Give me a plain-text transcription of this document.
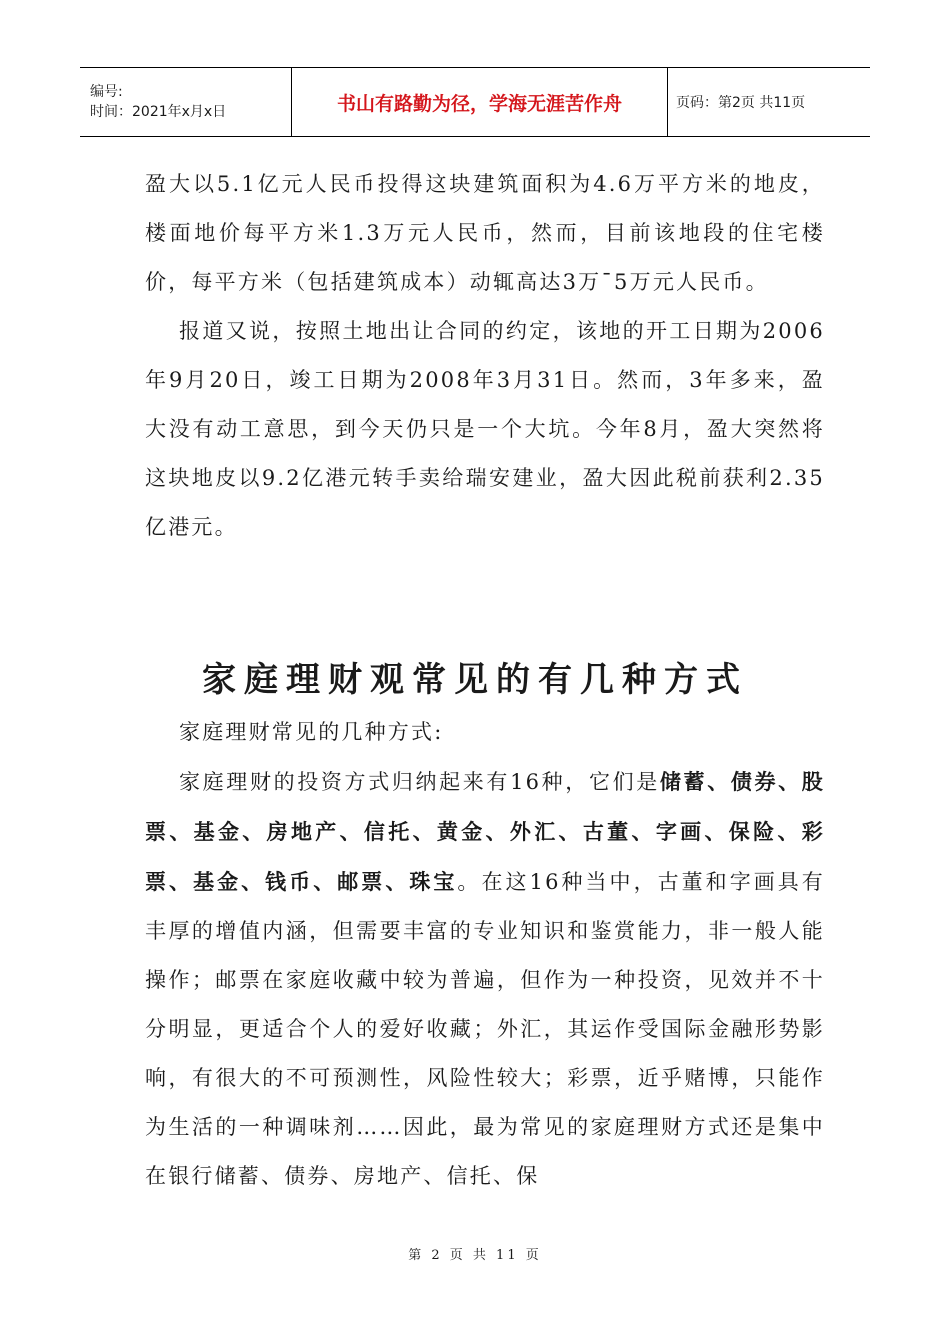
编号:
时间：2021年x月x日	书山有路勤为径，学海无涯苦作舟	页码：第2页 共11页

盈大以5.1亿元人民币投得这块建筑面积为4.6万平方米的地皮，楼面地价每平方米1.3万元人民币，然而，目前该地段的住宅楼价，每平方米（包括建筑成本）动辄高达3万¯5万元人民币。

报道又说，按照土地出让合同的约定，该地的开工日期为2006年9月20日，竣工日期为2008年3月31日。然而，3年多来，盈大没有动工意思，到今天仍只是一个大坑。今年8月，盈大突然将这块地皮以9.2亿港元转手卖给瑞安建业，盈大因此税前获利2.35亿港元。

家庭理财观常见的有几种方式

家庭理财常见的几种方式:

家庭理财的投资方式归纳起来有16种，它们是储蓄、债券、股票、基金、房地产、信托、黄金、外汇、古董、字画、保险、彩票、基金、钱币、邮票、珠宝。在这16种当中，古董和字画具有丰厚的增值内涵，但需要丰富的专业知识和鉴赏能力，非一般人能操作；邮票在家庭收藏中较为普遍，但作为一种投资，见效并不十分明显，更适合个人的爱好收藏；外汇，其运作受国际金融形势影响，有很大的不可预测性，风险性较大；彩票，近乎赌博，只能作为生活的一种调味剂……因此，最为常见的家庭理财方式还是集中在银行储蓄、债券、房地产、信托、保

第 2 页 共 11 页
